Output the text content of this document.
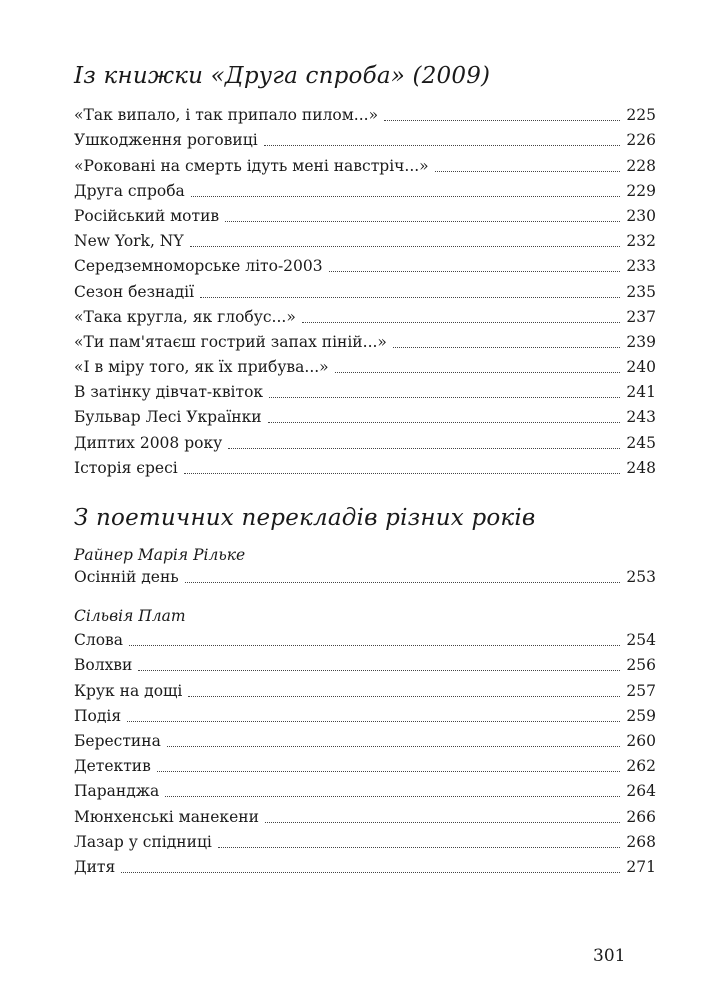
Із книжки «Друга спроба» (2009)
«Так випало, і так припало пилом...»	225
Ушкодження роговиці	226
«Роковані на смерть ідуть мені навстріч...»	228
Друга спроба	229
Російський мотив	230
New York, NY	232
Середземноморське літо-2003	233
Сезон безнадії	235
«Така кругла, як глобус...»	237
«Ти пам'ятаєш гострий запах піній...»	239
«І в міру того, як їх прибува...»	240
В затінку дівчат-квіток	241
Бульвар Лесі Українки	243
Диптих 2008 року	245
Історія єресі	248
З поетичних перекладів різних років
Райнер Марія Рільке
Осінній день	253
Сільвія Плат
Слова	254
Волхви	256
Крук на дощі	257
Подія	259
Берестина	260
Детектив	262
Паранджа	264
Мюнхенські манекени	266
Лазар у спідниці	268
Дитя	271
301
